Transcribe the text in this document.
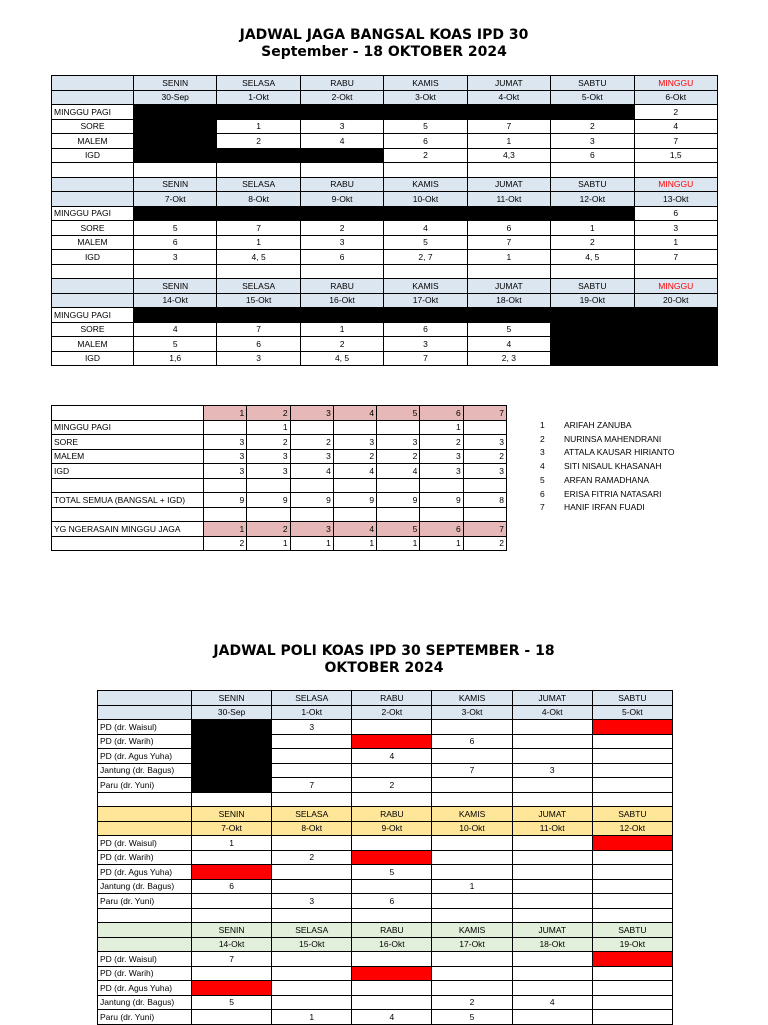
JADWAL JAGA BANGSAL KOAS IPD 30
September - 18 OKTOBER 2024
	SENIN	SELASA	RABU	KAMIS	JUMAT	SABTU	MINGGU
	30-Sep	1-Okt	2-Okt	3-Okt	4-Okt	5-Okt	6-Okt
MINGGU PAGI							2
SORE		1	3	5	7	2	4
MALEM		2	4	6	1	3	7
IGD				2	4,3	6	1,5

	SENIN	SELASA	RABU	KAMIS	JUMAT	SABTU	MINGGU
	7-Okt	8-Okt	9-Okt	10-Okt	11-Okt	12-Okt	13-Okt
MINGGU PAGI							6
SORE	5	7	2	4	6	1	3
MALEM	6	1	3	5	7	2	1
IGD	3	4, 5	6	2, 7	1	4, 5	7

	SENIN	SELASA	RABU	KAMIS	JUMAT	SABTU	MINGGU
	14-Okt	15-Okt	16-Okt	17-Okt	18-Okt	19-Okt	20-Okt
MINGGU PAGI							
SORE	4	7	1	6	5		
MALEM	5	6	2	3	4		
IGD	1,6	3	4, 5	7	2, 3		
	1	2	3	4	5	6	7
MINGGU PAGI		1				1	
SORE	3	2	2	3	3	2	3
MALEM	3	3	3	2	2	3	2
IGD	3	3	4	4	4	3	3

TOTAL SEMUA (BANGSAL + IGD)	9	9	9	9	9	9	8

YG NGERASAIN MINGGU JAGA	1	2	3	4	5	6	7
	2	1	1	1	1	1	2
1	ARIFAH ZANUBA
2	NURINSA MAHENDRANI
3	ATTALA KAUSAR HIRIANTO
4	SITI NISAUL KHASANAH
5	ARFAN RAMADHANA
6	ERISA FITRIA NATASARI
7	HANIF IRFAN FUADI
JADWAL POLI KOAS IPD 30 SEPTEMBER - 18
OKTOBER 2024
	SENIN	SELASA	RABU	KAMIS	JUMAT	SABTU
	30-Sep	1-Okt	2-Okt	3-Okt	4-Okt	5-Okt
PD (dr. Waisul)		3				
PD (dr. Warih)				6		
PD (dr. Agus Yuha)			4			
Jantung (dr. Bagus)				7	3	
Paru (dr. Yuni)		7	2			

	SENIN	SELASA	RABU	KAMIS	JUMAT	SABTU
	7-Okt	8-Okt	9-Okt	10-Okt	11-Okt	12-Okt
PD (dr. Waisul)	1					
PD (dr. Warih)		2				
PD (dr. Agus Yuha)			5			
Jantung (dr. Bagus)	6			1		
Paru (dr. Yuni)		3	6			

	SENIN	SELASA	RABU	KAMIS	JUMAT	SABTU
	14-Okt	15-Okt	16-Okt	17-Okt	18-Okt	19-Okt
PD (dr. Waisul)	7					
PD (dr. Warih)						
PD (dr. Agus Yuha)						
Jantung (dr. Bagus)	5			2	4	
Paru (dr. Yuni)		1	4	5		
